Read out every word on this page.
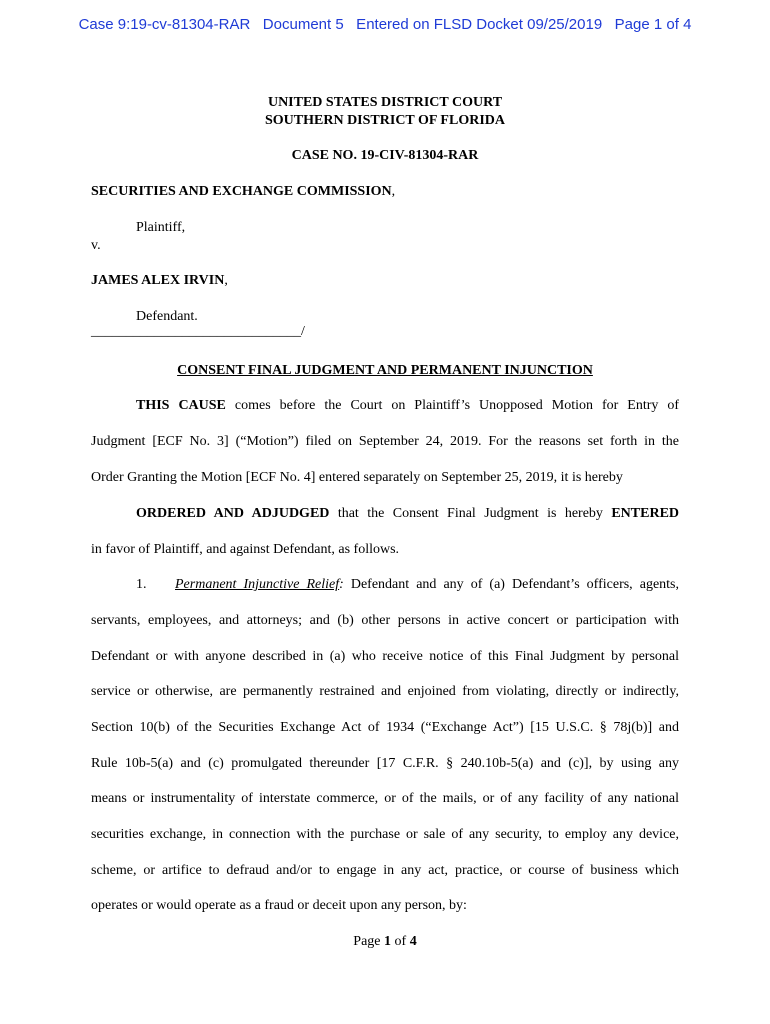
Case 9:19-cv-81304-RAR   Document 5   Entered on FLSD Docket 09/25/2019   Page 1 of 4
UNITED STATES DISTRICT COURT
SOUTHERN DISTRICT OF FLORIDA
CASE NO. 19-CIV-81304-RAR
SECURITIES AND EXCHANGE COMMISSION,
Plaintiff,
v.
JAMES ALEX IRVIN,
Defendant.
______________________________/
CONSENT FINAL JUDGMENT AND PERMANENT INJUNCTION
THIS CAUSE comes before the Court on Plaintiff’s Unopposed Motion for Entry of
Judgment [ECF No. 3] (“Motion”) filed on September 24, 2019. For the reasons set forth in the
Order Granting the Motion [ECF No. 4] entered separately on September 25, 2019, it is hereby
ORDERED AND ADJUDGED that the Consent Final Judgment is hereby ENTERED
in favor of Plaintiff, and against Defendant, as follows.
1. Permanent Injunctive Relief: Defendant and any of (a) Defendant’s officers, agents,
servants, employees, and attorneys; and (b) other persons in active concert or participation with
Defendant or with anyone described in (a) who receive notice of this Final Judgment by personal
service or otherwise, are permanently restrained and enjoined from violating, directly or indirectly,
Section 10(b) of the Securities Exchange Act of 1934 (“Exchange Act”) [15 U.S.C. § 78j(b)] and
Rule 10b-5(a) and (c) promulgated thereunder [17 C.F.R. § 240.10b-5(a) and (c)], by using any
means or instrumentality of interstate commerce, or of the mails, or of any facility of any national
securities exchange, in connection with the purchase or sale of any security, to employ any device,
scheme, or artifice to defraud and/or to engage in any act, practice, or course of business which
operates or would operate as a fraud or deceit upon any person, by:
Page 1 of 4
